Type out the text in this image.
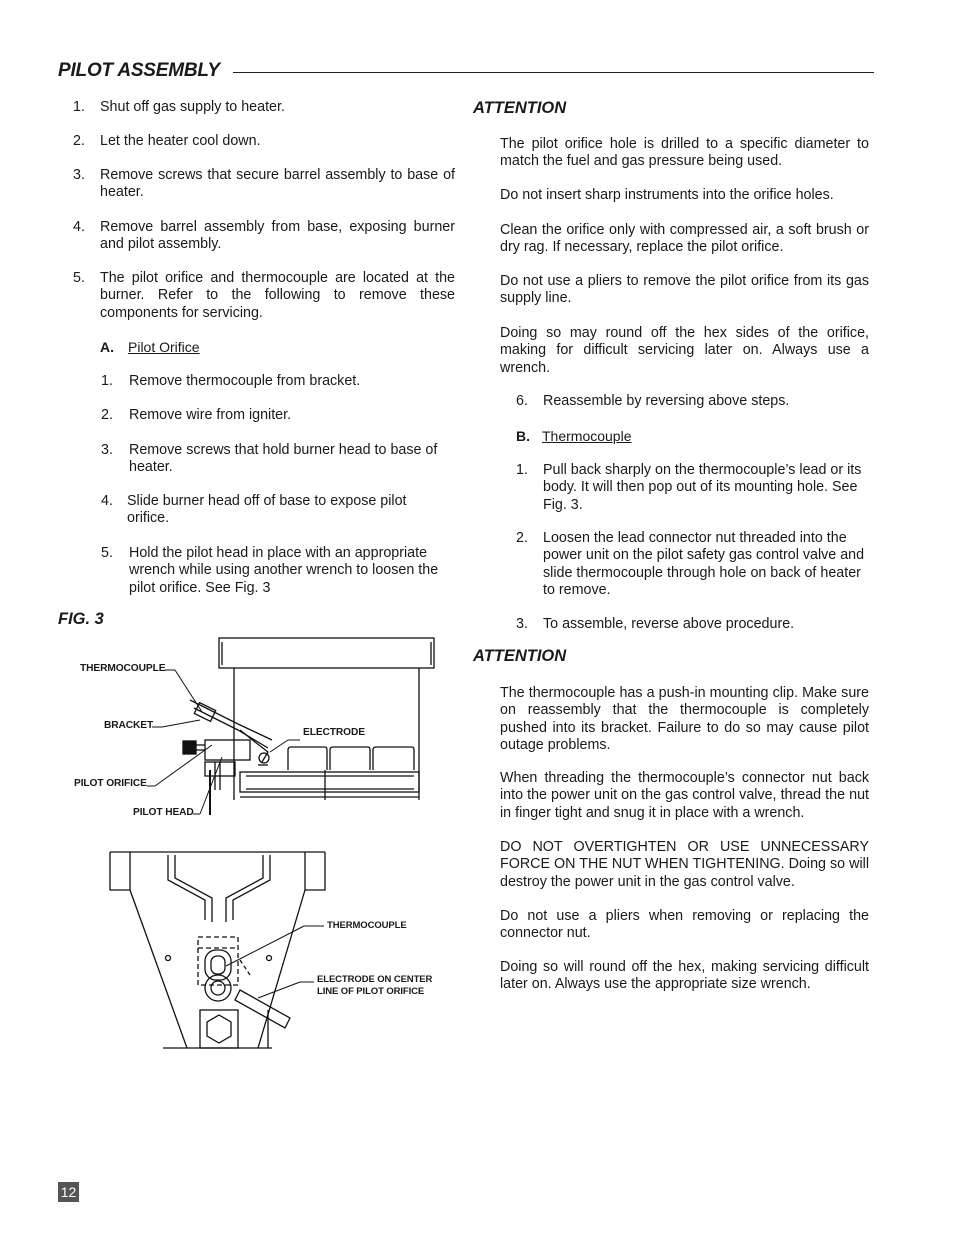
PILOT ASSEMBLY
1. Shut off gas supply to heater.
2. Let the heater cool down.
3. Remove screws that secure barrel assembly to base of heater.
4. Remove barrel assembly from base, exposing burner and pilot assembly.
5. The pilot orifice and thermocouple are located at the burner. Refer to the following to remove these components for servicing.
A. Pilot Orifice
1. Remove thermocouple from bracket.
2. Remove wire from igniter.
3. Remove screws that hold burner head to base of heater.
4. Slide burner head off of base to expose pilot orifice.
5. Hold the pilot head in place with an appropriate wrench while using another wrench to loosen the pilot orifice. See Fig. 3
FIG. 3
THERMOCOUPLE
BRACKET
ELECTRODE
PILOT ORIFICE
PILOT HEAD
THERMOCOUPLE
ELECTRODE ON CENTER
LINE OF PILOT ORIFICE
ATTENTION
The pilot orifice hole is drilled to a specific diameter to match the fuel and gas pressure being used.
Do not insert sharp instruments into the orifice holes.
Clean the orifice only with compressed air, a soft brush or dry rag. If necessary, replace the pilot orifice.
Do not use a pliers to remove the pilot orifice from its gas supply line.
Doing so may round off the hex sides of the orifice, making for difficult servicing later on. Always use a wrench.
6. Reassemble by reversing above steps.
B. Thermocouple
1. Pull back sharply on the thermocouple’s lead or its body. It will then pop out of its mounting hole. See Fig. 3.
2. Loosen the lead connector nut threaded into the power unit on the pilot safety gas control valve and slide thermocouple through hole on back of heater to remove.
3. To assemble, reverse above procedure.
ATTENTION
The thermocouple has a push-in mounting clip. Make sure on reassembly that the thermocouple is completely pushed into its bracket. Failure to do so may cause pilot outage problems.
When threading the thermocouple’s connector nut back into the power unit on the gas control valve, thread the nut in finger tight and snug it in place with a wrench.
DO NOT OVERTIGHTEN OR USE UNNECESSARY FORCE ON THE NUT WHEN TIGHTENING. Doing so will destroy the power unit in the gas control valve.
Do not use a pliers when removing or replacing the connector nut.
Doing so will round off the hex, making servicing difficult later on. Always use the appropriate size wrench.
12
